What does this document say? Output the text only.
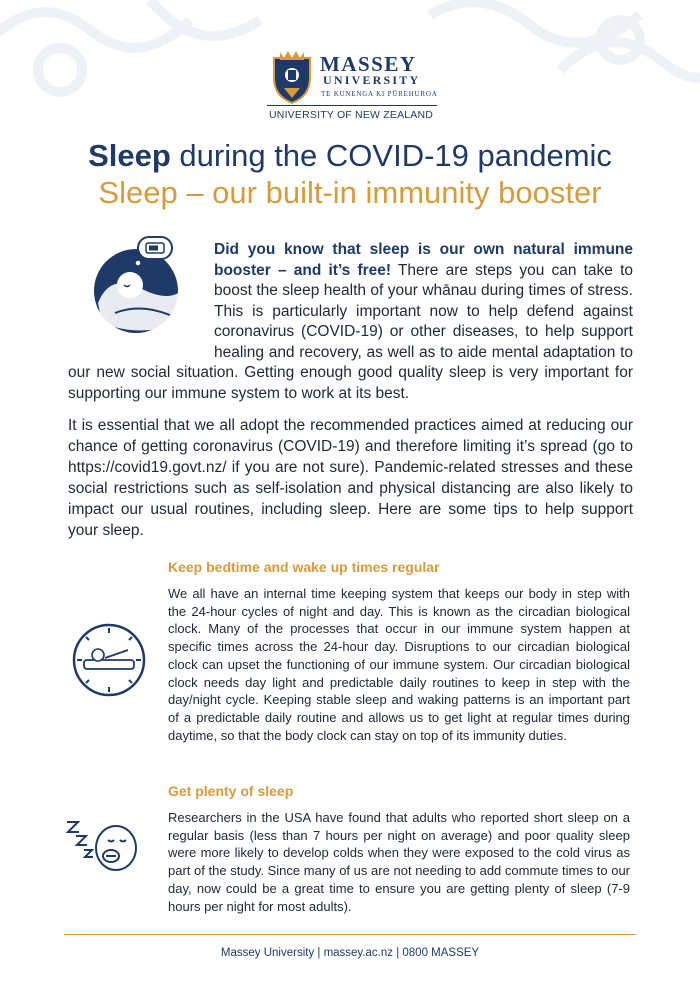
MASSEY
UNIVERSITY
TE KUNENGA KI PŪREHUROA
UNIVERSITY OF NEW ZEALAND
Sleep during the COVID-19 pandemic
Sleep – our built-in immunity booster
Did you know that sleep is our own natural immune booster – and it’s free! There are steps you can take to boost the sleep health of your whānau during times of stress. This is particularly important now to help defend against coronavirus (COVID-19) or other diseases, to help support healing and recovery, as well as to aide mental adaptation to our new social situation. Getting enough good quality sleep is very important for supporting our immune system to work at its best.
It is essential that we all adopt the recommended practices aimed at reducing our chance of getting coronavirus (COVID-19) and therefore limiting it’s spread (go to https://covid19.govt.nz/ if you are not sure). Pandemic-related stresses and these social restrictions such as self-isolation and physical distancing are also likely to impact our usual routines, including sleep. Here are some tips to help support your sleep.
Keep bedtime and wake up times regular
We all have an internal time keeping system that keeps our body in step with the 24-hour cycles of night and day. This is known as the circadian biological clock. Many of the processes that occur in our immune system happen at specific times across the 24-hour day. Disruptions to our circadian biological clock can upset the functioning of our immune system. Our circadian biological clock needs day light and predictable daily routines to keep in step with the day/night cycle. Keeping stable sleep and waking patterns is an important part of a predictable daily routine and allows us to get light at regular times during daytime, so that the body clock can stay on top of its immunity duties.
Get plenty of sleep
Researchers in the USA have found that adults who reported short sleep on a regular basis (less than 7 hours per night on average) and poor quality sleep were more likely to develop colds when they were exposed to the cold virus as part of the study. Since many of us are not needing to add commute times to our day, now could be a great time to ensure you are getting plenty of sleep (7-9 hours per night for most adults).
Massey University | massey.ac.nz | 0800 MASSEY
